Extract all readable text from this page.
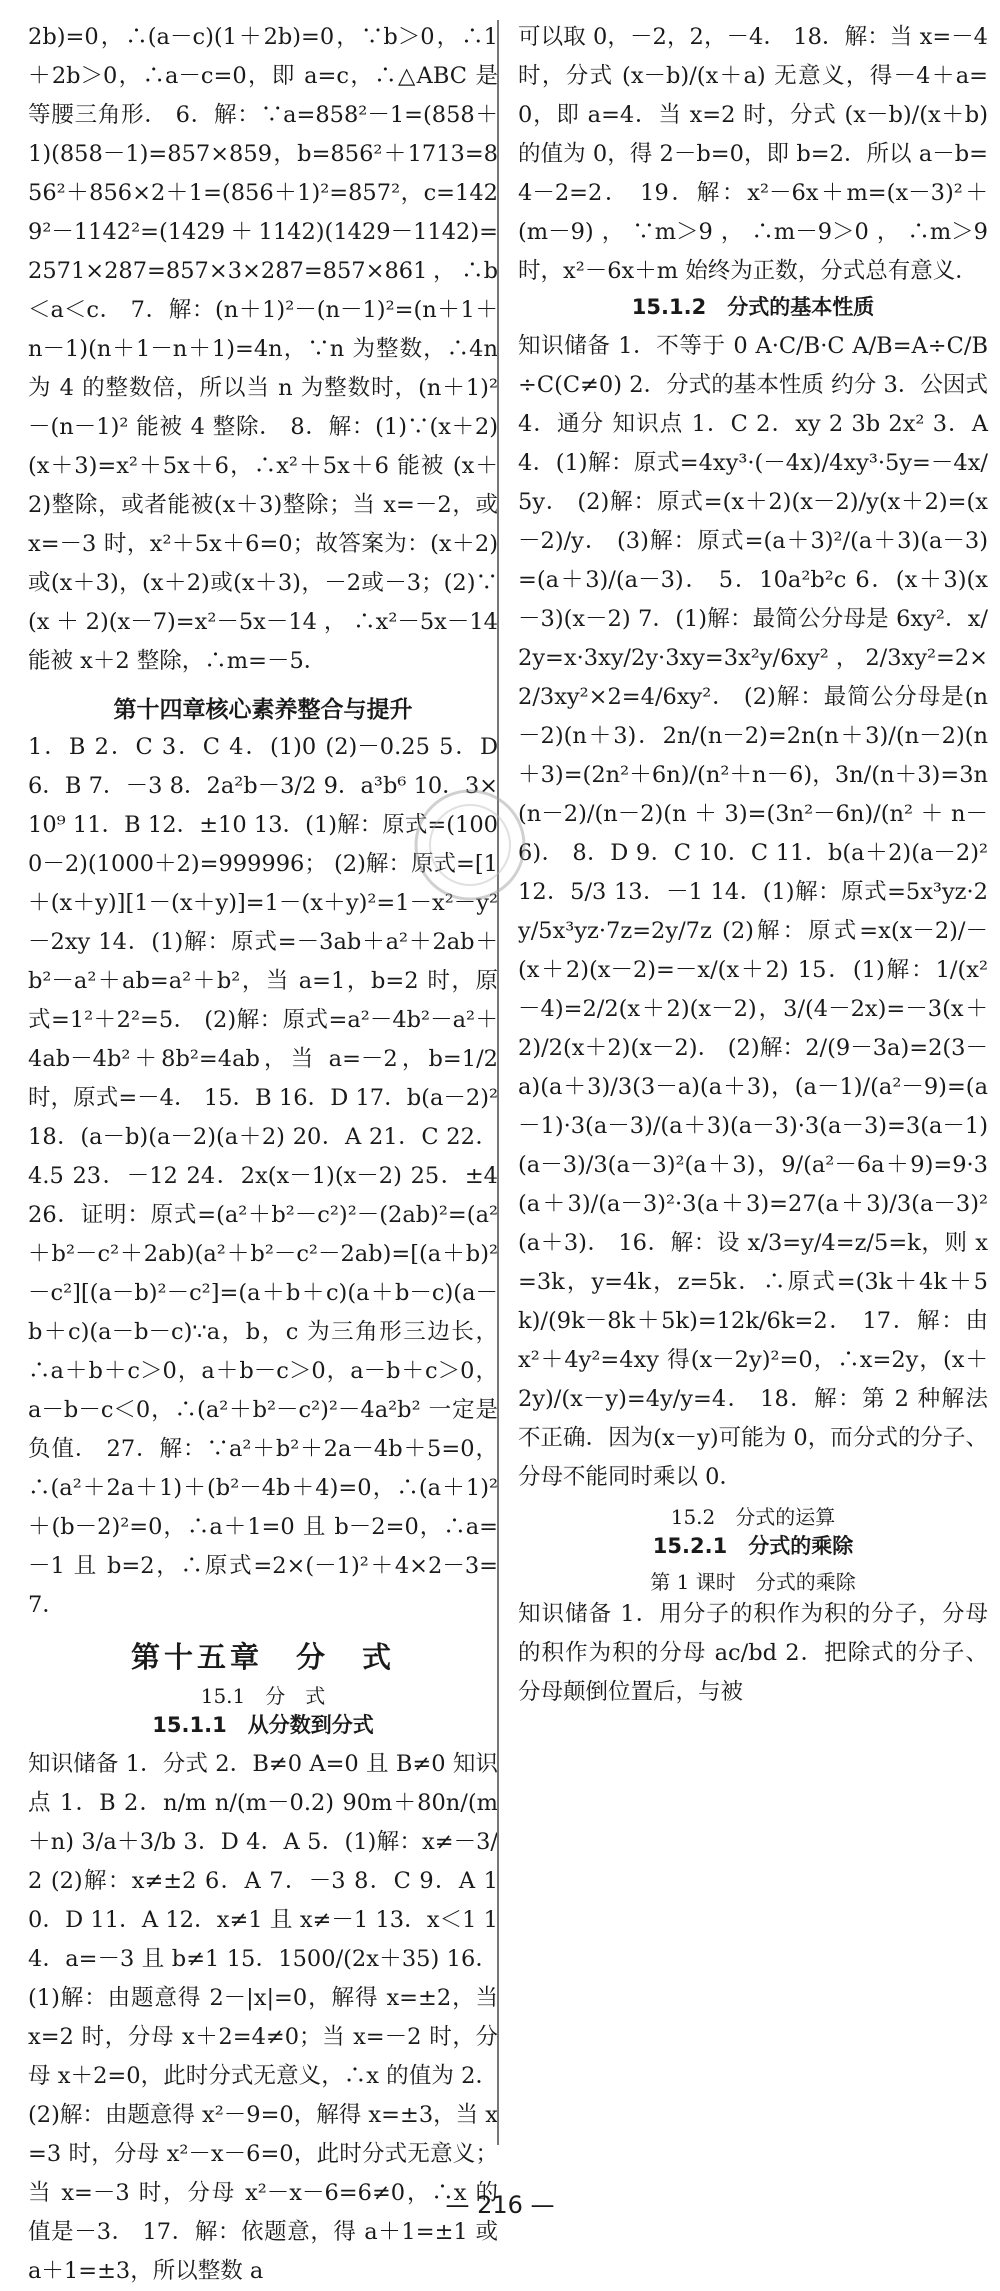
2b)=0，∴(a－c)(1＋2b)=0，∵b＞0，∴1＋2b＞0，∴a－c=0，即 a=c，∴△ABC 是等腰三角形． 6．解：∵a=858²－1=(858＋1)(858－1)=857×859，b=856²＋1713=856²＋856×2＋1=(856＋1)²=857²，c=1429²－1142²=(1429＋1142)(1429－1142)=2571×287=857×3×287=857×861，∴b＜a＜c． 7．解：(n＋1)²－(n－1)²=(n＋1＋n－1)(n＋1－n＋1)=4n，∵n 为整数，∴4n 为 4 的整数倍，所以当 n 为整数时，(n＋1)²－(n－1)² 能被 4 整除． 8．解：(1)∵(x＋2)(x＋3)=x²＋5x＋6，∴x²＋5x＋6 能被 (x＋2)整除，或者能被(x＋3)整除；当 x=－2，或 x=－3 时，x²＋5x＋6=0；故答案为：(x＋2)或(x＋3)，(x＋2)或(x＋3)，－2或－3；(2)∵(x＋2)(x－7)=x²－5x－14，∴x²－5x－14 能被 x＋2 整除，∴m=－5．

第十四章核心素养整合与提升

1．B 2．C 3．C 4．(1)0 (2)－0.25 5．D 6．B 7．－3 8．2a²b－3/2 9．a³b⁶ 10．3×10⁹ 11．B 12．±10 13．(1)解：原式=(1000－2)(1000＋2)=999996； (2)解：原式=[1＋(x＋y)][1－(x＋y)]=1－(x＋y)²=1－x²－y²－2xy 14．(1)解：原式=－3ab＋a²＋2ab＋b²－a²＋ab=a²＋b²，当 a=1，b=2 时，原式=1²＋2²=5． (2)解：原式=a²－4b²－a²＋4ab－4b²＋8b²=4ab，当 a=－2，b=1/2时，原式=－4． 15．B 16．D 17．b(a－2)² 18．(a－b)(a－2)(a＋2) 20．A 21．C 22．4.5 23．－12 24．2x(x－1)(x－2) 25．±4 26．证明：原式=(a²＋b²－c²)²－(2ab)²=(a²＋b²－c²＋2ab)(a²＋b²－c²－2ab)=[(a＋b)²－c²][(a－b)²－c²]=(a＋b＋c)(a＋b－c)(a－b＋c)(a－b－c)∵a，b，c 为三角形三边长，∴a＋b＋c＞0，a＋b－c＞0，a－b＋c＞0，a－b－c＜0，∴(a²＋b²－c²)²－4a²b² 一定是负值． 27．解：∵a²＋b²＋2a－4b＋5=0，∴(a²＋2a＋1)＋(b²－4b＋4)=0，∴(a＋1)²＋(b－2)²=0，∴a＋1=0 且 b－2=0，∴a=－1 且 b=2，∴原式=2×(－1)²＋4×2－3=7．

第十五章　分　式
15.1　分　式
15.1.1　从分数到分式

知识储备 1．分式 2．B≠0 A=0 且 B≠0 知识点 1．B 2．n/m n/(m－0.2) 90m＋80n/(m＋n) 3/a＋3/b 3．D 4．A 5．(1)解：x≠－3/2 (2)解：x≠±2 6．A 7．－3 8．C 9．A 10．D 11．A 12．x≠1 且 x≠－1 13．x＜1 14．a=－3 且 b≠1 15．1500/(2x＋35) 16．(1)解：由题意得 2－|x|=0，解得 x=±2，当 x=2 时，分母 x＋2=4≠0；当 x=－2 时，分母 x＋2=0，此时分式无意义，∴x 的值为 2． (2)解：由题意得 x²－9=0，解得 x=±3，当 x=3 时，分母 x²－x－6=0，此时分式无意义；当 x=－3 时，分母 x²－x－6=6≠0，∴x 的值是－3． 17．解：依题意，得 a＋1=±1 或 a＋1=±3，所以整数 a

可以取 0，－2，2，－4． 18．解：当 x=－4 时，分式 (x－b)/(x＋a) 无意义，得－4＋a=0，即 a=4．当 x=2 时，分式 (x－b)/(x＋b) 的值为 0，得 2－b=0，即 b=2．所以 a－b=4－2=2． 19．解：x²－6x＋m=(x－3)²＋(m－9)，∵m＞9，∴m－9＞0，∴m＞9 时，x²－6x＋m 始终为正数，分式总有意义．

15.1.2　分式的基本性质

知识储备 1．不等于 0 A·C/B·C A/B=A÷C/B÷C(C≠0) 2．分式的基本性质 约分 3．公因式 4．通分 知识点 1．C 2．xy 2 3b 2x² 3．A 4．(1)解：原式=4xy³·(－4x)/4xy³·5y=－4x/5y． (2)解：原式=(x＋2)(x－2)/y(x＋2)=(x－2)/y． (3)解：原式=(a＋3)²/(a＋3)(a－3)=(a＋3)/(a－3)． 5．10a²b²c 6．(x＋3)(x－3)(x－2) 7．(1)解：最简公分母是 6xy²．x/2y=x·3xy/2y·3xy=3x²y/6xy²，2/3xy²=2×2/3xy²×2=4/6xy²． (2)解：最简公分母是(n－2)(n＋3)．2n/(n－2)=2n(n＋3)/(n－2)(n＋3)=(2n²＋6n)/(n²＋n－6)，3n/(n＋3)=3n(n－2)/(n－2)(n＋3)=(3n²－6n)/(n²＋n－6)． 8．D 9．C 10．C 11．b(a＋2)(a－2)² 12．5/3 13．－1 14．(1)解：原式=5x³yz·2y/5x³yz·7z=2y/7z (2)解：原式=x(x－2)/－(x＋2)(x－2)=－x/(x＋2) 15．(1)解：1/(x²－4)=2/2(x＋2)(x－2)，3/(4－2x)=－3(x＋2)/2(x＋2)(x－2)． (2)解：2/(9－3a)=2(3－a)(a＋3)/3(3－a)(a＋3)，(a－1)/(a²－9)=(a－1)·3(a－3)/(a＋3)(a－3)·3(a－3)=3(a－1)(a－3)/3(a－3)²(a＋3)，9/(a²－6a＋9)=9·3(a＋3)/(a－3)²·3(a＋3)=27(a＋3)/3(a－3)²(a＋3)． 16．解：设 x/3=y/4=z/5=k，则 x=3k，y=4k，z=5k．∴原式=(3k＋4k＋5k)/(9k－8k＋5k)=12k/6k=2． 17．解：由 x²＋4y²=4xy 得(x－2y)²=0，∴x=2y，(x＋2y)/(x－y)=4y/y=4． 18．解：第 2 种解法不正确．因为(x－y)可能为 0，而分式的分子、分母不能同时乘以 0．

15.2　分式的运算
15.2.1　分式的乘除
第 1 课时　分式的乘除

知识储备 1．用分子的积作为积的分子，分母的积作为积的分母 ac/bd 2．把除式的分子、分母颠倒位置后，与被

— 216 —
